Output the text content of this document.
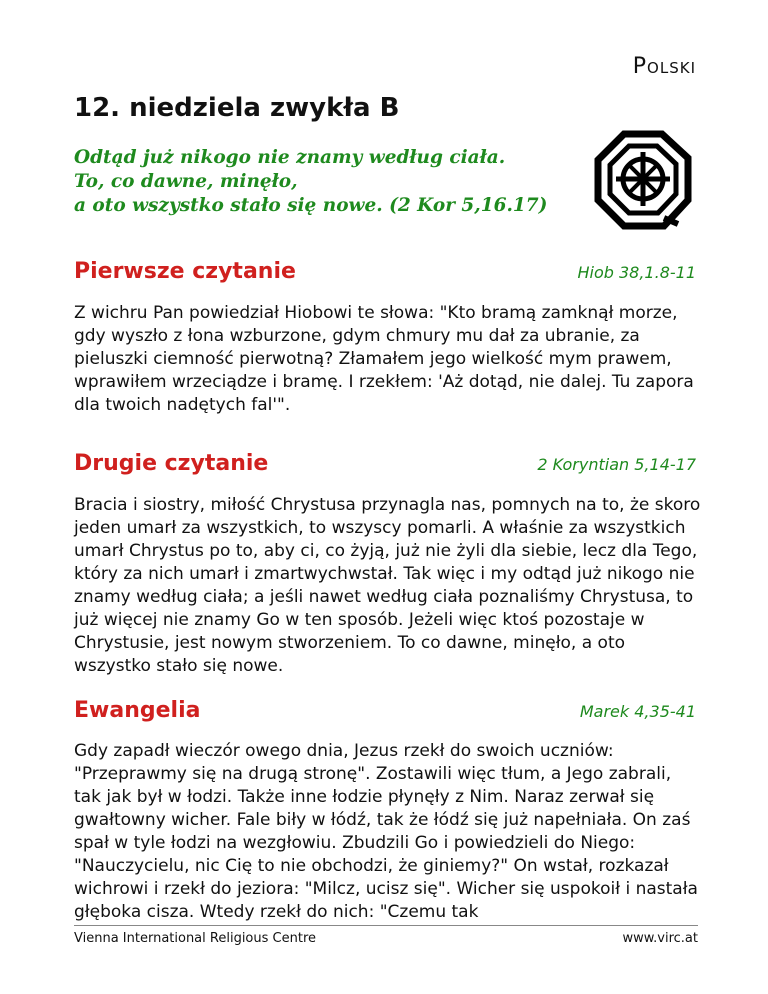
Polski
12. niedziela zwykła B
Odtąd już nikogo nie znamy według ciała.
To, co dawne, minęło,
a oto wszystko stało się nowe. (2 Kor 5,16.17)
Pierwsze czytanie	Hiob 38,1.8-11
Z wichru Pan powiedział Hiobowi te słowa: "Kto bramą zamknął morze, gdy wyszło z łona wzburzone, gdym chmury mu dał za ubranie, za pieluszki ciemność pierwotną? Złamałem jego wielkość mym prawem, wprawiłem wrzeciądze i bramę. I rzekłem: 'Aż dotąd, nie dalej. Tu zapora dla twoich nadętych fal'".
Drugie czytanie	2 Koryntian 5,14-17
Bracia i siostry, miłość Chrystusa przynagla nas, pomnych na to, że skoro jeden umarł za wszystkich, to wszyscy pomarli. A właśnie za wszystkich umarł Chrystus po to, aby ci, co żyją, już nie żyli dla siebie, lecz dla Tego, który za nich umarł i zmartwychwstał. Tak więc i my odtąd już nikogo nie znamy według ciała; a jeśli nawet według ciała poznaliśmy Chrystusa, to już więcej nie znamy Go w ten sposób. Jeżeli więc ktoś pozostaje w Chrystusie, jest nowym stworzeniem. To co dawne, minęło, a oto wszystko stało się nowe.
Ewangelia	Marek 4,35-41
Gdy zapadł wieczór owego dnia, Jezus rzekł do swoich uczniów: "Przeprawmy się na drugą stronę". Zostawili więc tłum, a Jego zabrali, tak jak był w łodzi. Także inne łodzie płynęły z Nim. Naraz zerwał się gwałtowny wicher. Fale biły w łódź, tak że łódź się już napełniała. On zaś spał w tyle łodzi na wezgłowiu. Zbudzili Go i powiedzieli do Niego: "Nauczycielu, nic Cię to nie obchodzi, że giniemy?" On wstał, rozkazał wichrowi i rzekł do jeziora: "Milcz, ucisz się". Wicher się uspokoił i nastała głęboka cisza. Wtedy rzekł do nich: "Czemu tak
Vienna International Religious Centre	www.virc.at
